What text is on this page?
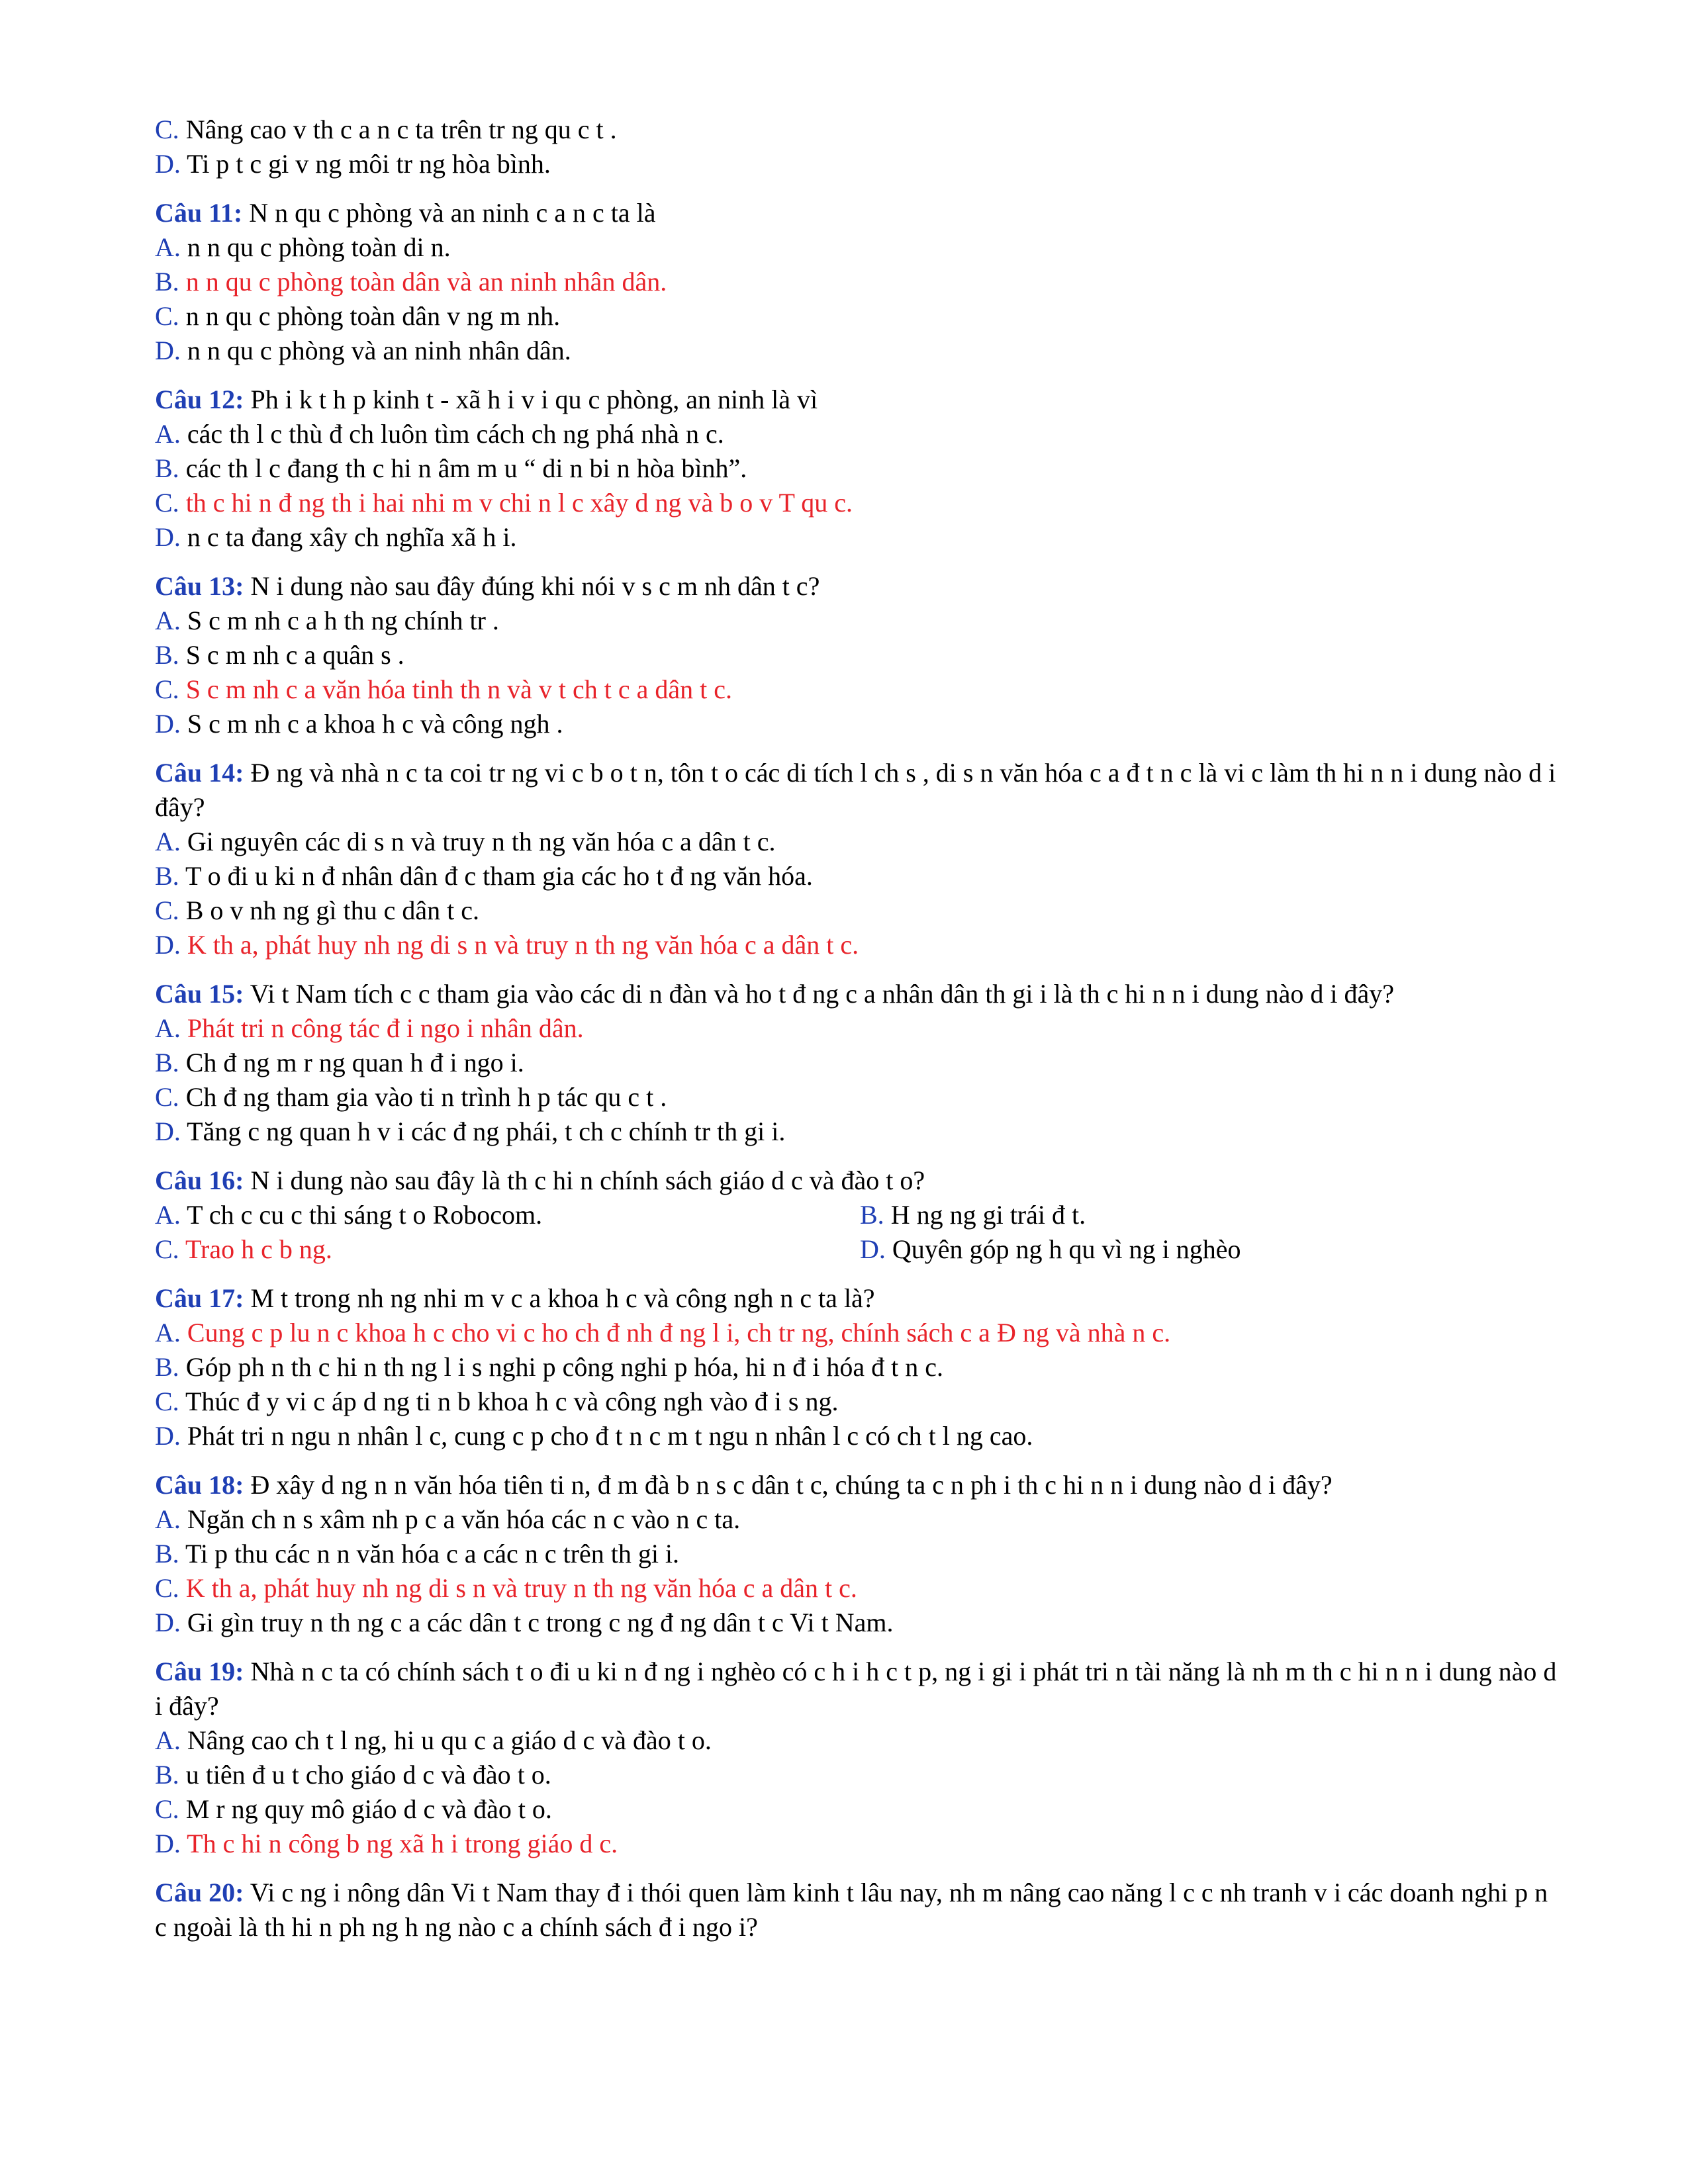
C. Nâng cao v th c a n c ta trên tr ng qu c t .
D. Ti p t c gi v ng môi tr ng hòa bình.
Câu 11: N n qu c phòng và an ninh c a n c ta là
A. n n qu c phòng toàn di n.
B. n n qu c phòng toàn dân và an ninh nhân dân.
C. n n qu c phòng toàn dân v ng m nh.
D. n n qu c phòng và an ninh nhân dân.
Câu 12: Ph i k t h p kinh t - xã h i v i qu c phòng, an ninh là vì
A. các th l c thù đ ch luôn tìm cách ch ng phá nhà n c.
B. các th l c đang th c hi n âm m u “ di n bi n hòa bình”.
C. th c hi n đ ng th i hai nhi m v chi n l c xây d ng và b o v T qu c.
D. n c ta đang xây ch nghĩa xã h i.
Câu 13: N i dung nào sau đây đúng khi nói v s c m nh dân t c?
A. S c m nh c a h th ng chính tr .
B. S c m nh c a quân s .
C. S c m nh c a văn hóa tinh th n và v t ch t c a dân t c.
D. S c m nh c a khoa h c và công ngh .
Câu 14: Đ ng và nhà n c ta coi tr ng vi c b o t n, tôn t o các di tích l ch s , di s n văn hóa c a đ t n c là vi c làm th hi n n i dung nào d i đây?
A. Gi nguyên các di s n và truy n th ng văn hóa c a dân t c.
B. T o đi u ki n đ nhân dân đ c tham gia các ho t đ ng văn hóa.
C. B o v nh ng gì thu c dân t c.
D. K th a, phát huy nh ng di s n và truy n th ng văn hóa c a dân t c.
Câu 15: Vi t Nam tích c c tham gia vào các di n đàn và ho t đ ng c a nhân dân th gi i là th c hi n n i dung nào d i đây?
A. Phát tri n công tác đ i ngo i nhân dân.
B. Ch đ ng m r ng quan h đ i ngo i.
C. Ch đ ng tham gia vào ti n trình h p tác qu c t .
D. Tăng c ng quan h v i các đ ng phái, t ch c chính tr th gi i.
Câu 16: N i dung nào sau đây là th c hi n chính sách giáo d c và đào t o?
A. T ch c cu c thi sáng t o Robocom.	B. H ng ng gi trái đ t.
C. Trao h c b ng.	D. Quyên góp ng h qu vì ng i nghèo
Câu 17: M t trong nh ng nhi m v c a khoa h c và công ngh n c ta là?
A. Cung c p lu n c khoa h c cho vi c ho ch đ nh đ ng l i, ch tr ng, chính sách c a Đ ng và nhà n c.
B. Góp ph n th c hi n th ng l i s nghi p công nghi p hóa, hi n đ i hóa đ t n c.
C. Thúc đ y vi c áp d ng ti n b khoa h c và công ngh vào đ i s ng.
D. Phát tri n ngu n nhân l c, cung c p cho đ t n c m t ngu n nhân l c có ch t l ng cao.
Câu 18: Đ xây d ng n n văn hóa tiên ti n, đ m đà b n s c dân t c, chúng ta c n ph i th c hi n n i dung nào d i đây?
A. Ngăn ch n s xâm nh p c a văn hóa các n c vào n c ta.
B. Ti p thu các n n văn hóa c a các n c trên th gi i.
C. K th a, phát huy nh ng di s n và truy n th ng văn hóa c a dân t c.
D. Gi gìn truy n th ng c a các dân t c trong c ng đ ng dân t c Vi t Nam.
Câu 19: Nhà n c ta có chính sách t o đi u ki n đ ng i nghèo có c h i h c t p, ng i gi i phát tri n tài năng là nh m th c hi n n i dung nào d i đây?
A. Nâng cao ch t l ng, hi u qu c a giáo d c và đào t o.
B. u tiên đ u t cho giáo d c và đào t o.
C. M r ng quy mô giáo d c và đào t o.
D. Th c hi n công b ng xã h i trong giáo d c.
Câu 20: Vi c ng i nông dân Vi t Nam thay đ i thói quen làm kinh t lâu nay, nh m nâng cao năng l c c nh tranh v i các doanh nghi p n c ngoài là th hi n ph ng h ng nào c a chính sách đ i ngo i?
